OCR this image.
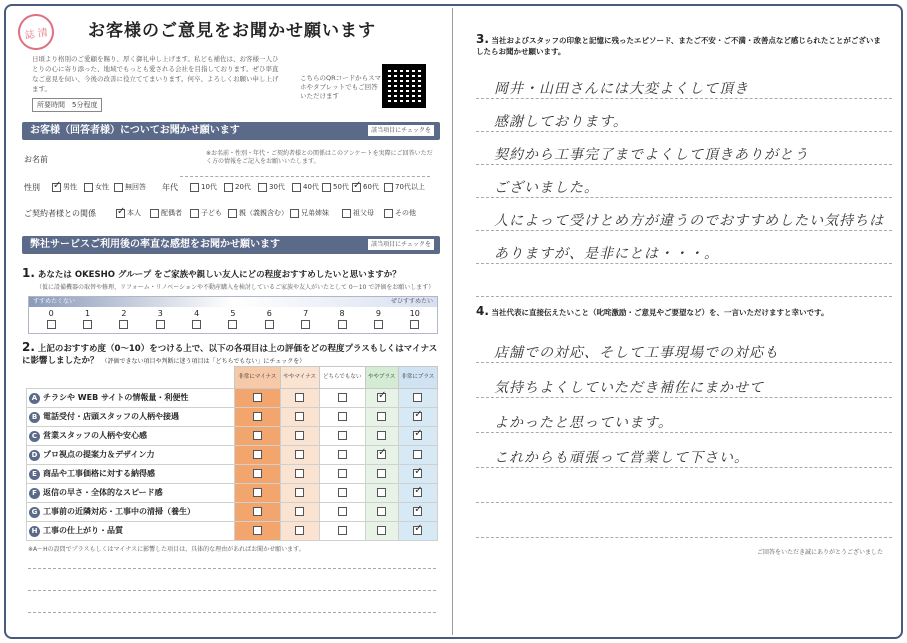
誌 清	お客様のご意見をお聞かせ願います
日頃より格別のご愛顧を賜り、厚く御礼申し上げます。私ども補佐は、お客様一人ひとりの心に寄り添った、地域でもっとも愛される会社を目指しております。ぜひ率直なご意見を伺い、今後の改善に役立ててまいります。何卒、よろしくお願い申し上げます。
所要時間　5分程度
こちらのQRコードからスマホやタブレットでもご回答いただけます
お客様（回答者様）についてお聞かせ願います	該当項目にチェックを
お名前
※お名前・性別・年代・ご契約者様との関係はこのアンケートを実際にご回答いただく方の情報をご記入をお願いいたします。
性別 ✓	男性	女性 無回答 年代	10代	20代	30代	40代 50代 ✓ 60代 70代以上
ご契約者様との関係 ✓	本人	配偶者	子ども 親（義親含む） 兄弟姉妹	祖父母	その他
弊社サービスご利用後の率直な感想をお聞かせ願います	該当項目にチェックを
1. あなたは OKESHO グループ をご家族や親しい友人にどの程度おすすめしたいと思いますか？
（仮に設備機器の取替や修理、リフォーム・リノベーションや不動産購入を検討しているご家族や友人がいたとして 0〜10 で評価をお願いします）
すすめたくない	ぜひすすめたい
0	1	2	3	4	5	6	7	8	9	10
2. 上記のおすすめ度（0〜10）をつける上で、以下の各項目は上の評価をどの程度プラスもしくはマイナスに影響しましたか？ （評価できない項目や判断に迷う項目は「どちらでもない」にチェックを）
	非常にマイナス	ややマイナス	どちらでもない	ややプラス	非常にプラス
A チラシや WEB サイトの情報量・利便性				✓	
B 電話受付・店頭スタッフの人柄や接遇					✓
C 営業スタッフの人柄や安心感					✓
D プロ視点の提案力＆デザイン力				✓	
E 商品や工事価格に対する納得感					✓
F 返信の早さ・全体的なスピード感					✓
G 工事前の近隣対応・工事中の清掃（養生）					✓
H 工事の仕上がり・品質					✓
※A〜Hの設問でプラスもしくはマイナスに影響した項目は、具体的な理由があればお聞かせ願います。
3. 当社およびスタッフの印象と記憶に残ったエピソード、またご不安・ご不満・改善点など感じられたことがございましたらお聞かせ願います。
岡井・山田さんには大変よくして頂き
感謝しております。
契約から工事完了までよくして頂きありがとう
ございました。
人によって受けとめ方が違うのでおすすめしたい気持ちは
ありますが、是非にとは・・・。
4. 当社代表に直接伝えたいこと（叱咤激励・ご意見やご要望など）を、一言いただけますと幸いです。
店舗での対応、そして工事現場での対応も
気持ちよくしていただき補佐にまかせて
よかったと思っています。
これからも頑張って営業して下さい。
ご回答をいただき誠にありがとうございました
